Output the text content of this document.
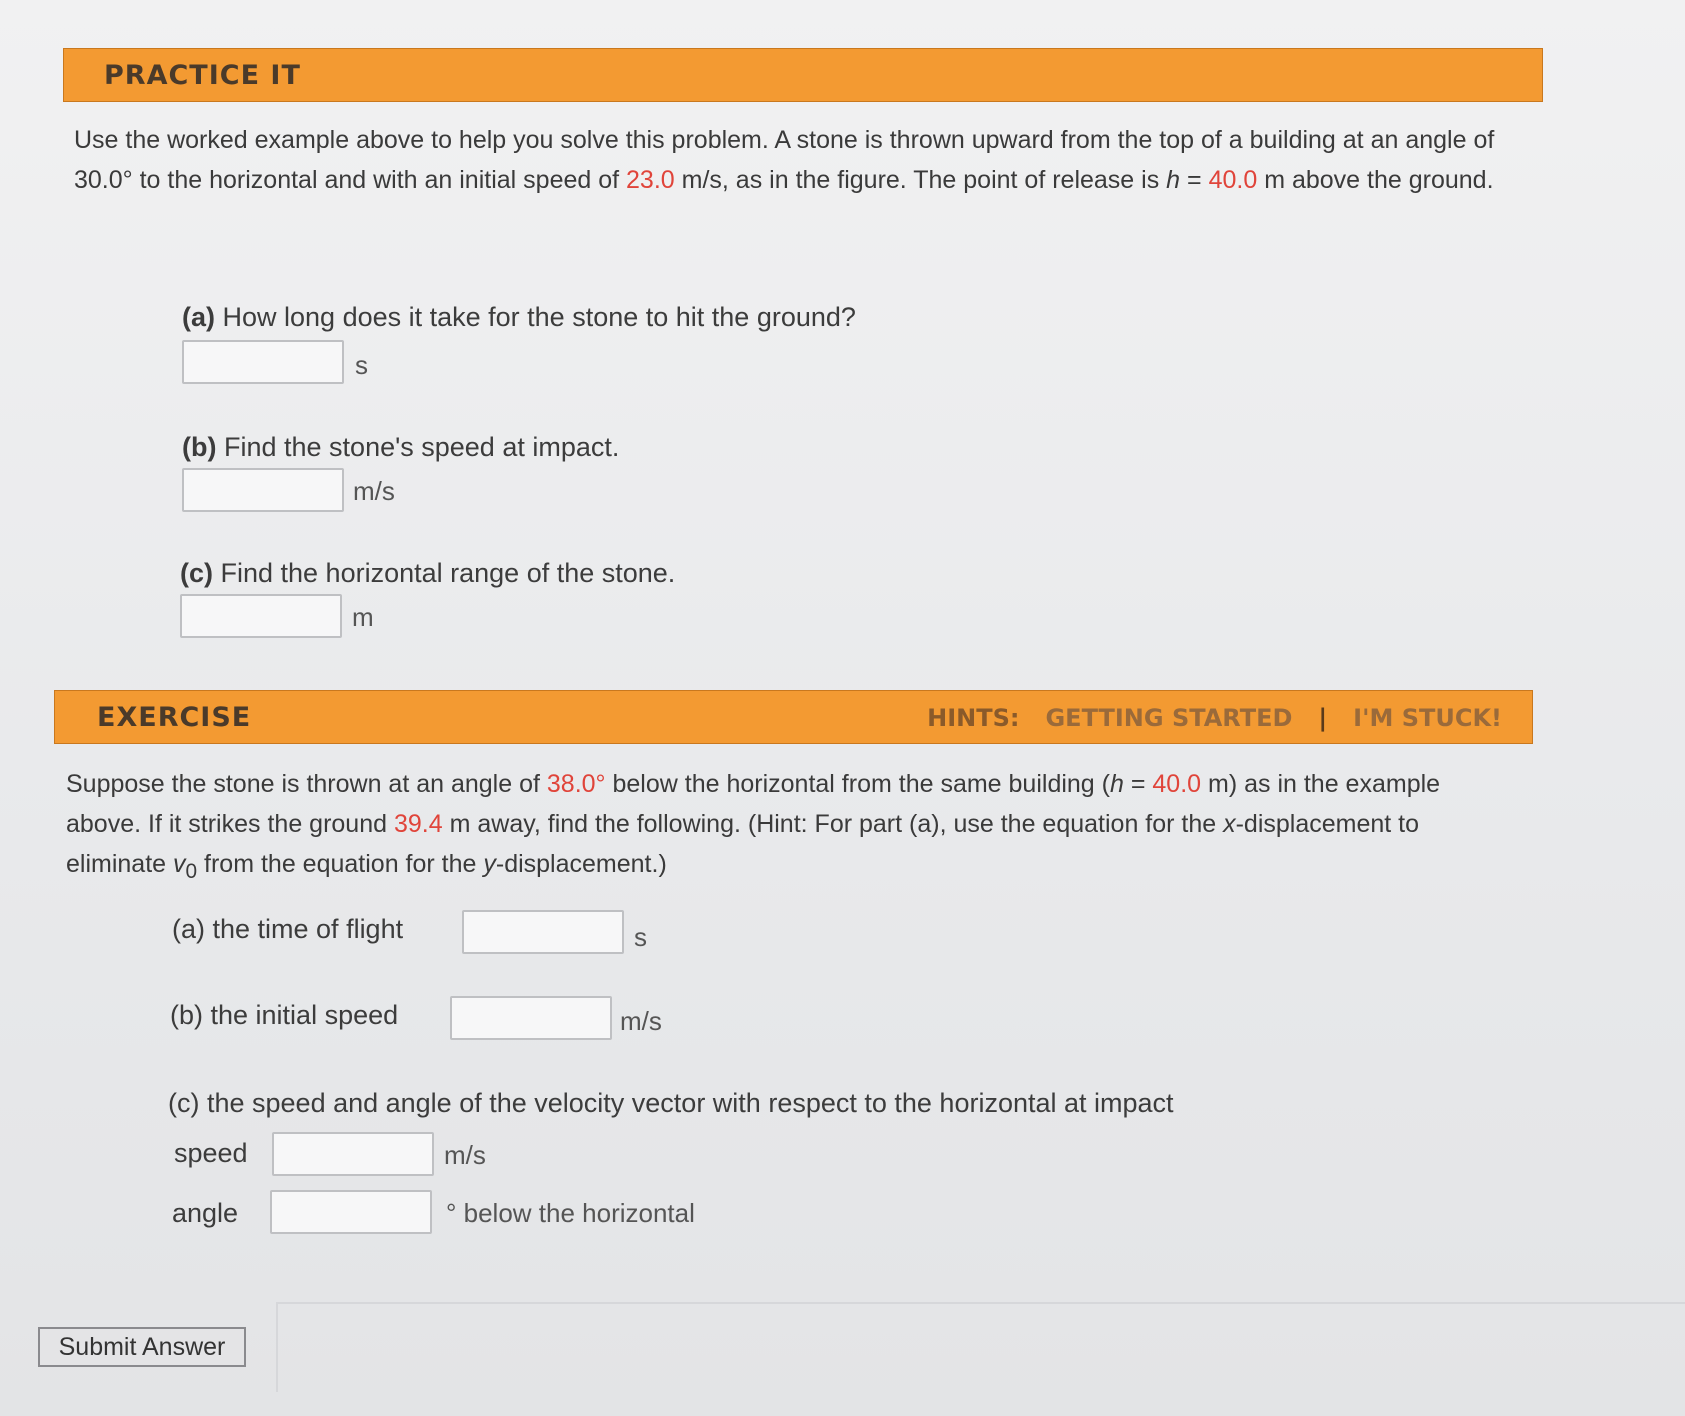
PRACTICE IT
Use the worked example above to help you solve this problem. A stone is thrown upward from the top of a building at an angle of 30.0° to the horizontal and with an initial speed of 23.0 m/s, as in the figure. The point of release is h = 40.0 m above the ground.
(a) How long does it take for the stone to hit the ground?
s
(b) Find the stone's speed at impact.
m/s
(c) Find the horizontal range of the stone.
m
EXERCISE	HINTS: GETTING STARTED | I'M STUCK!
Suppose the stone is thrown at an angle of 38.0° below the horizontal from the same building (h = 40.0 m) as in the example above. If it strikes the ground 39.4 m away, find the following. (Hint: For part (a), use the equation for the x-displacement to eliminate $v_0$ from the equation for the y-displacement.)
(a) the time of flight	s
(b) the initial speed	m/s
(c) the speed and angle of the velocity vector with respect to the horizontal at impact
speed	m/s
angle	° below the horizontal
Submit Answer
